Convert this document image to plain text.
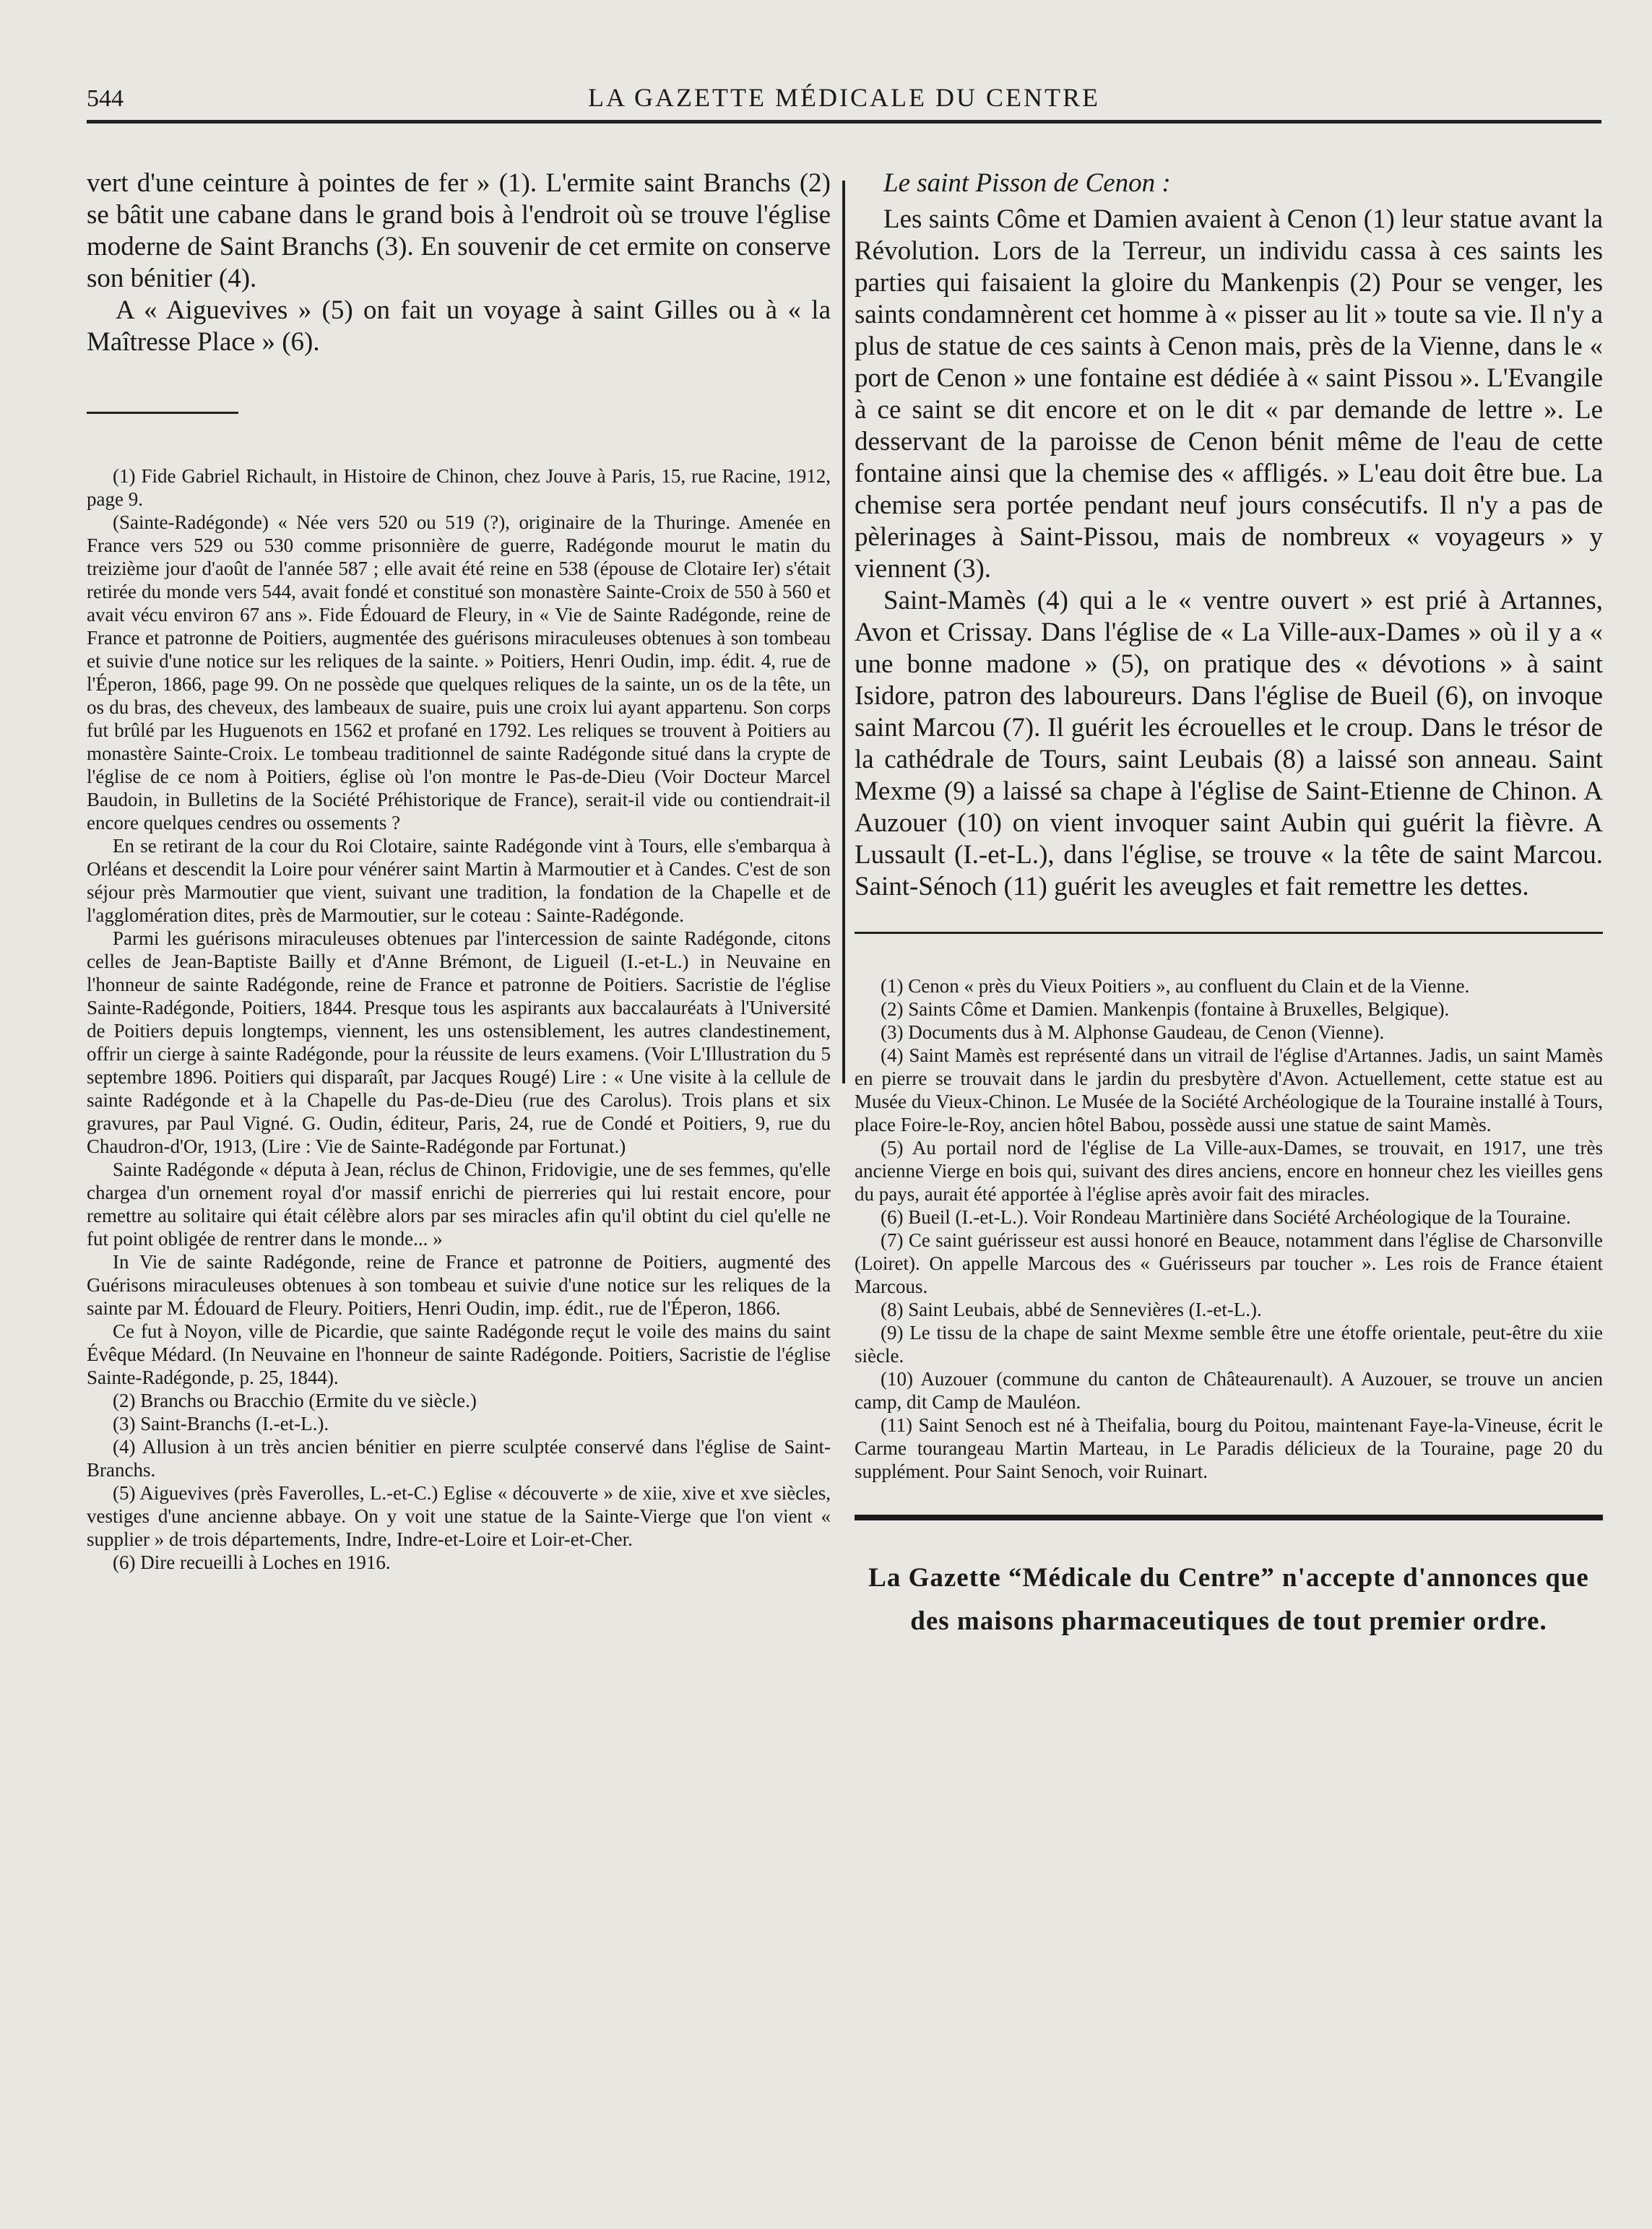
544	LA GAZETTE MÉDICALE DU CENTRE

vert d'une ceinture à pointes de fer » (1). L'ermite saint Branchs (2) se bâtit une cabane dans le grand bois à l'endroit où se trouve l'église moderne de Saint Branchs (3). En souvenir de cet ermite on conserve son bénitier (4).

A « Aiguevives » (5) on fait un voyage à saint Gilles ou à « la Maîtresse Place » (6).

(1) Fide Gabriel Richault, in Histoire de Chinon, chez Jouve à Paris, 15, rue Racine, 1912, page 9.

(Sainte-Radégonde) « Née vers 520 ou 519 (?), originaire de la Thuringe. Amenée en France vers 529 ou 530 comme prisonnière de guerre, Radégonde mourut le matin du treizième jour d'août de l'année 587 ; elle avait été reine en 538 (épouse de Clotaire Ier) s'était retirée du monde vers 544, avait fondé et constitué son monastère Sainte-Croix de 550 à 560 et avait vécu environ 67 ans ». Fide Édouard de Fleury, in « Vie de Sainte Radégonde, reine de France et patronne de Poitiers, augmentée des guérisons miraculeuses obtenues à son tombeau et suivie d'une notice sur les reliques de la sainte. » Poitiers, Henri Oudin, imp. édit. 4, rue de l'Éperon, 1866, page 99. On ne possède que quelques reliques de la sainte, un os de la tête, un os du bras, des cheveux, des lambeaux de suaire, puis une croix lui ayant appartenu. Son corps fut brûlé par les Huguenots en 1562 et profané en 1792. Les reliques se trouvent à Poitiers au monastère Sainte-Croix. Le tombeau traditionnel de sainte Radégonde situé dans la crypte de l'église de ce nom à Poitiers, église où l'on montre le Pas-de-Dieu (Voir Docteur Marcel Baudoin, in Bulletins de la Société Préhistorique de France), serait-il vide ou contiendrait-il encore quelques cendres ou ossements ?

En se retirant de la cour du Roi Clotaire, sainte Radégonde vint à Tours, elle s'embarqua à Orléans et descendit la Loire pour vénérer saint Martin à Marmoutier et à Candes. C'est de son séjour près Marmoutier que vient, suivant une tradition, la fondation de la Chapelle et de l'agglomération dites, près de Marmoutier, sur le coteau : Sainte-Radégonde.

Parmi les guérisons miraculeuses obtenues par l'intercession de sainte Radégonde, citons celles de Jean-Baptiste Bailly et d'Anne Brémont, de Ligueil (I.-et-L.) in Neuvaine en l'honneur de sainte Radégonde, reine de France et patronne de Poitiers. Sacristie de l'église Sainte-Radégonde, Poitiers, 1844. Presque tous les aspirants aux baccalauréats à l'Université de Poitiers depuis longtemps, viennent, les uns ostensiblement, les autres clandestinement, offrir un cierge à sainte Radégonde, pour la réussite de leurs examens. (Voir L'Illustration du 5 septembre 1896. Poitiers qui disparaît, par Jacques Rougé) Lire : « Une visite à la cellule de sainte Radégonde et à la Chapelle du Pas-de-Dieu (rue des Carolus). Trois plans et six gravures, par Paul Vigné. G. Oudin, éditeur, Paris, 24, rue de Condé et Poitiers, 9, rue du Chaudron-d'Or, 1913, (Lire : Vie de Sainte-Radégonde par Fortunat.)

Sainte Radégonde « députa à Jean, réclus de Chinon, Fridovigie, une de ses femmes, qu'elle chargea d'un ornement royal d'or massif enrichi de pierreries qui lui restait encore, pour remettre au solitaire qui était célèbre alors par ses miracles afin qu'il obtint du ciel qu'elle ne fut point obligée de rentrer dans le monde... »

In Vie de sainte Radégonde, reine de France et patronne de Poitiers, augmenté des Guérisons miraculeuses obtenues à son tombeau et suivie d'une notice sur les reliques de la sainte par M. Édouard de Fleury. Poitiers, Henri Oudin, imp. édit., rue de l'Éperon, 1866.

Ce fut à Noyon, ville de Picardie, que sainte Radégonde reçut le voile des mains du saint Évêque Médard. (In Neuvaine en l'honneur de sainte Radégonde. Poitiers, Sacristie de l'église Sainte-Radégonde, p. 25, 1844).

(2) Branchs ou Bracchio (Ermite du ve siècle.)

(3) Saint-Branchs (I.-et-L.).

(4) Allusion à un très ancien bénitier en pierre sculptée conservé dans l'église de Saint-Branchs.

(5) Aiguevives (près Faverolles, L.-et-C.) Eglise « découverte » de xiie, xive et xve siècles, vestiges d'une ancienne abbaye. On y voit une statue de la Sainte-Vierge que l'on vient « supplier » de trois départements, Indre, Indre-et-Loire et Loir-et-Cher.

(6) Dire recueilli à Loches en 1916.

Le saint Pisson de Cenon :

Les saints Côme et Damien avaient à Cenon (1) leur statue avant la Révolution. Lors de la Terreur, un individu cassa à ces saints les parties qui faisaient la gloire du Mankenpis (2) Pour se venger, les saints condamnèrent cet homme à « pisser au lit » toute sa vie. Il n'y a plus de statue de ces saints à Cenon mais, près de la Vienne, dans le « port de Cenon » une fontaine est dédiée à « saint Pissou ». L'Evangile à ce saint se dit encore et on le dit « par demande de lettre ». Le desservant de la paroisse de Cenon bénit même de l'eau de cette fontaine ainsi que la chemise des « affligés. » L'eau doit être bue. La chemise sera portée pendant neuf jours consécutifs. Il n'y a pas de pèlerinages à Saint-Pissou, mais de nombreux « voyageurs » y viennent (3).

Saint-Mamès (4) qui a le « ventre ouvert » est prié à Artannes, Avon et Crissay. Dans l'église de « La Ville-aux-Dames » où il y a « une bonne madone » (5), on pratique des « dévotions » à saint Isidore, patron des laboureurs. Dans l'église de Bueil (6), on invoque saint Marcou (7). Il guérit les écrouelles et le croup. Dans le trésor de la cathédrale de Tours, saint Leubais (8) a laissé son anneau. Saint Mexme (9) a laissé sa chape à l'église de Saint-Etienne de Chinon. A Auzouer (10) on vient invoquer saint Aubin qui guérit la fièvre. A Lussault (I.-et-L.), dans l'église, se trouve « la tête de saint Marcou. Saint-Sénoch (11) guérit les aveugles et fait remettre les dettes.

(1) Cenon « près du Vieux Poitiers », au confluent du Clain et de la Vienne.

(2) Saints Côme et Damien. Mankenpis (fontaine à Bruxelles, Belgique).

(3) Documents dus à M. Alphonse Gaudeau, de Cenon (Vienne).

(4) Saint Mamès est représenté dans un vitrail de l'église d'Artannes. Jadis, un saint Mamès en pierre se trouvait dans le jardin du presbytère d'Avon. Actuellement, cette statue est au Musée du Vieux-Chinon. Le Musée de la Société Archéologique de la Touraine installé à Tours, place Foire-le-Roy, ancien hôtel Babou, possède aussi une statue de saint Mamès.

(5) Au portail nord de l'église de La Ville-aux-Dames, se trouvait, en 1917, une très ancienne Vierge en bois qui, suivant des dires anciens, encore en honneur chez les vieilles gens du pays, aurait été apportée à l'église après avoir fait des miracles.

(6) Bueil (I.-et-L.). Voir Rondeau Martinière dans Société Archéologique de la Touraine.

(7) Ce saint guérisseur est aussi honoré en Beauce, notamment dans l'église de Charsonville (Loiret). On appelle Marcous des « Guérisseurs par toucher ». Les rois de France étaient Marcous.

(8) Saint Leubais, abbé de Sennevières (I.-et-L.).

(9) Le tissu de la chape de saint Mexme semble être une étoffe orientale, peut-être du xiie siècle.

(10) Auzouer (commune du canton de Châteaurenault). A Auzouer, se trouve un ancien camp, dit Camp de Mauléon.

(11) Saint Senoch est né à Theifalia, bourg du Poitou, maintenant Faye-la-Vineuse, écrit le Carme tourangeau Martin Marteau, in Le Paradis délicieux de la Touraine, page 20 du supplément. Pour Saint Senoch, voir Ruinart.

La Gazette “Médicale du Centre” n'accepte d'annonces que des maisons pharmaceutiques de tout premier ordre.
